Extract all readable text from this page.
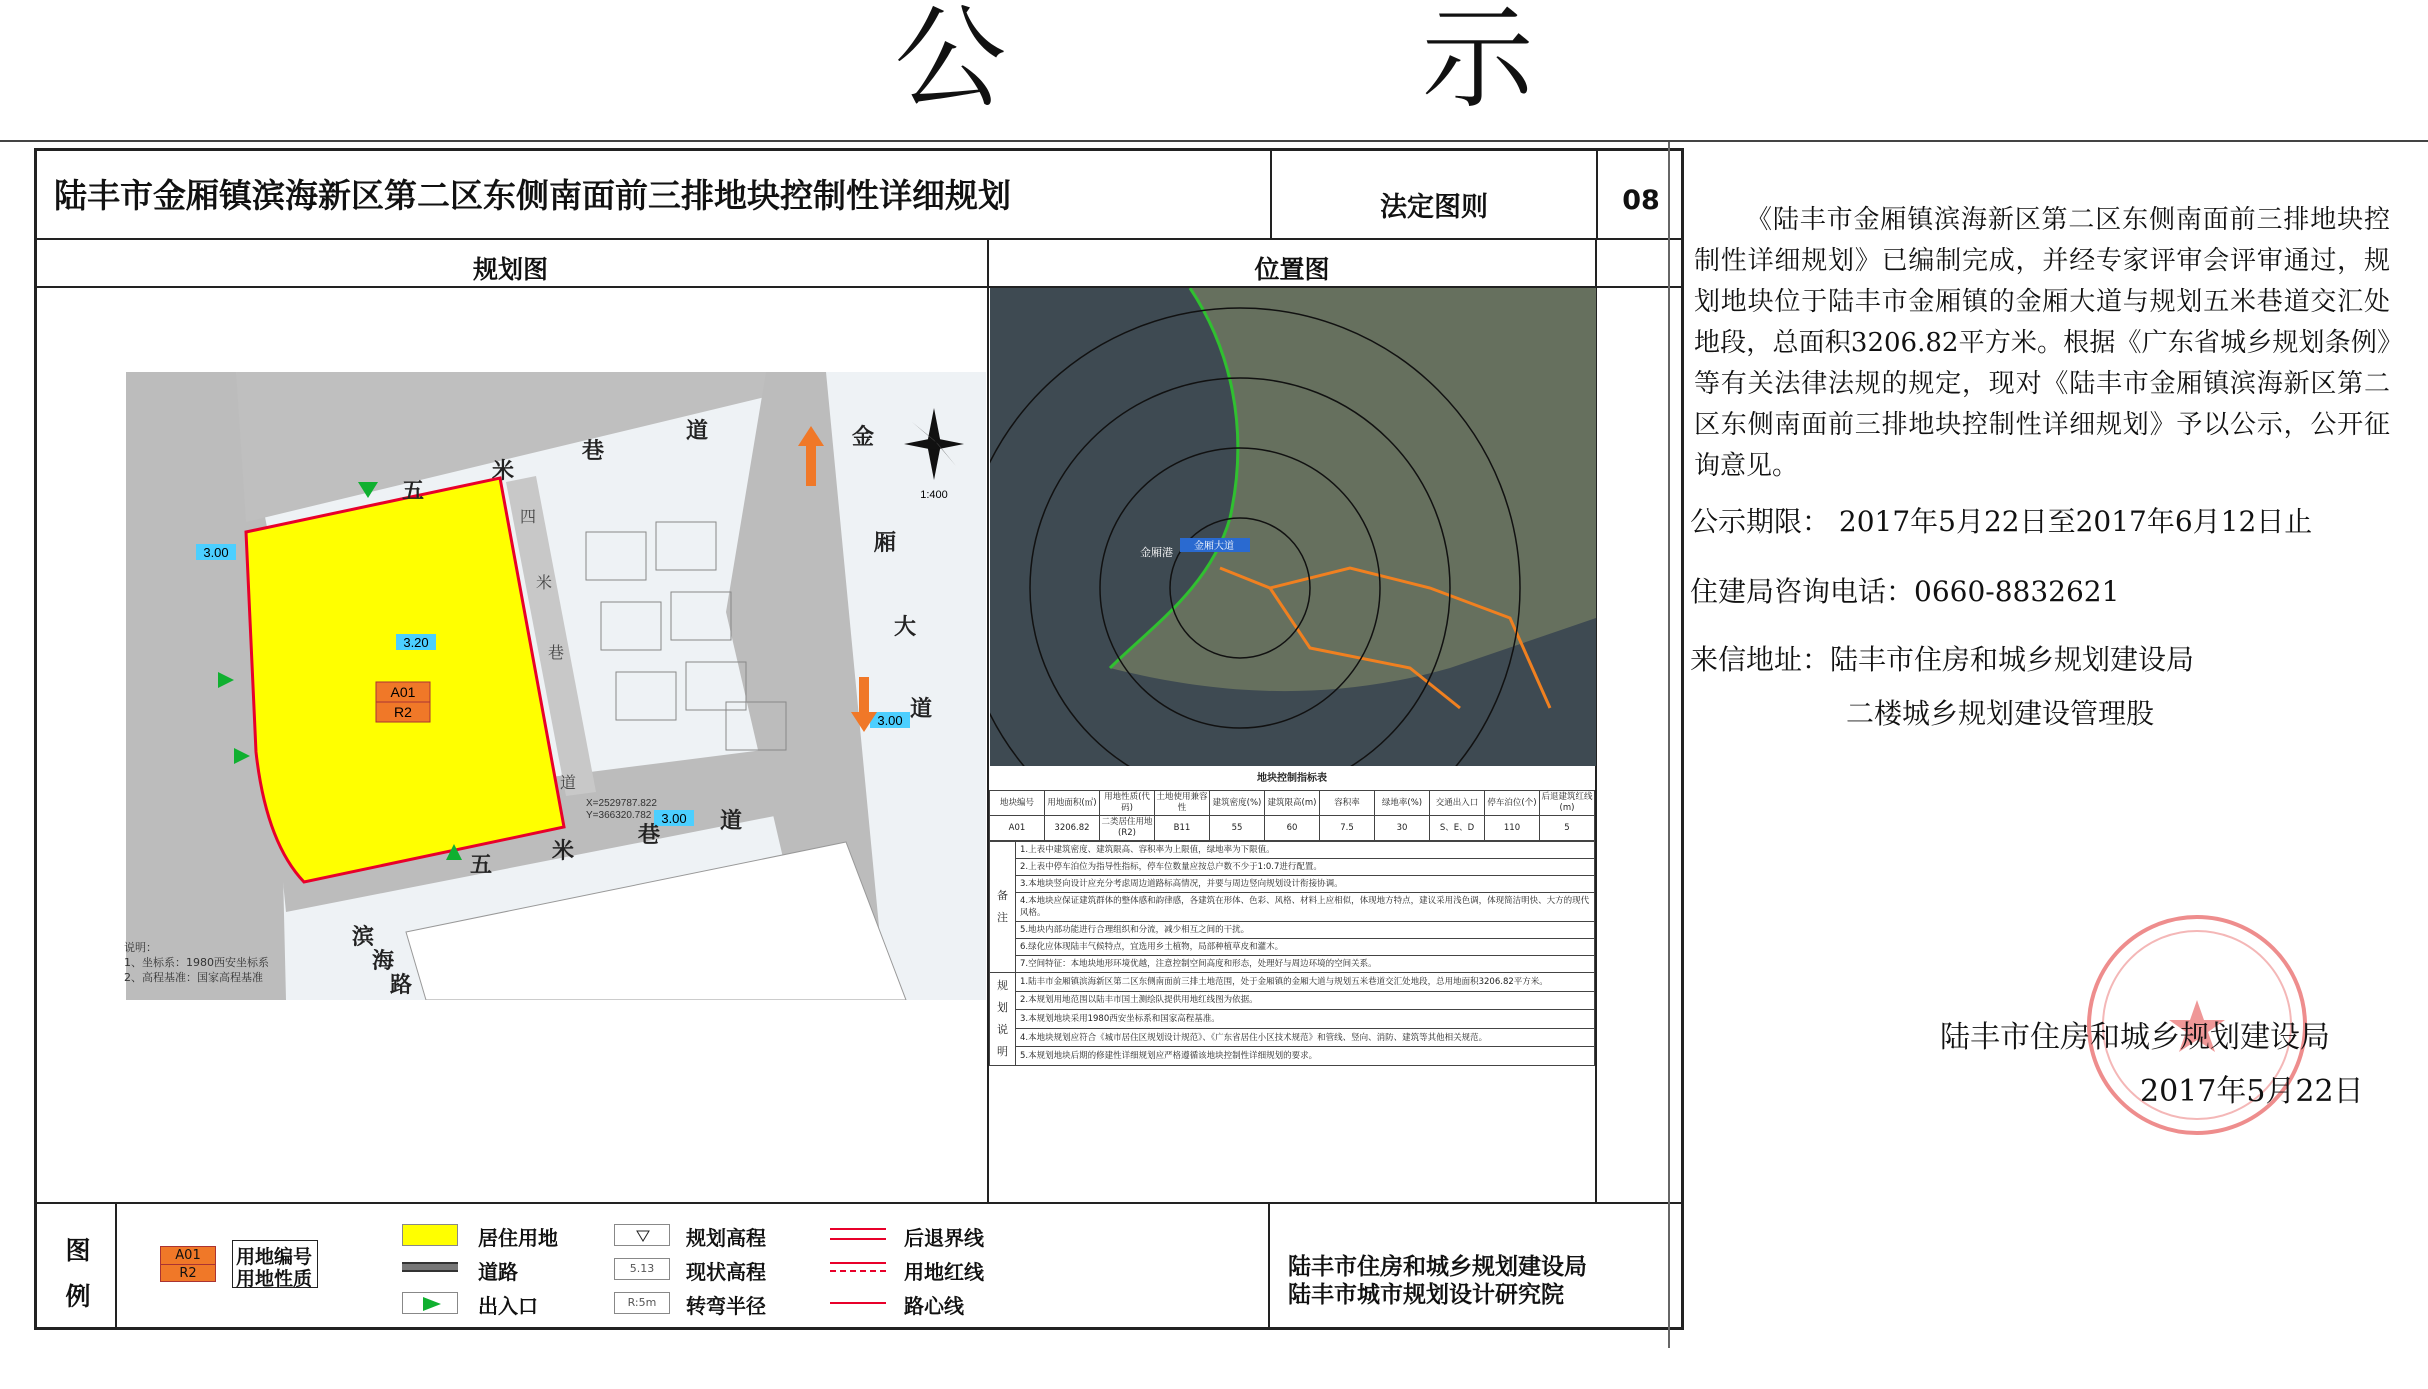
公 示
陆丰市金厢镇滨海新区第二区东侧南面前三排地块控制性详细规划	法定图则	08
规划图	位置图
A01
R2
3.20
3.00
3.00
3.00
五
米
巷
道	金
厢
大
道
五
米
巷
道
滨
海
路
四
米
巷
道
1:400
X=2529787.822
Y=366320.782
说明：
1、坐标系：1980西安坐标系
2、高程基准：国家高程基准
金厢大道
金厢港
地块控制指标表
地块编号	用地面积(㎡)	用地性质(代码)	土地使用兼容性	建筑密度(%)	建筑限高(m)	容积率	绿地率(%)	交通出入口	停车泊位(个)	后退建筑红线(m)
A01	3206.82	二类居住用地(R2)	B11	55	60	7.5	30	S、E、D	110	5
备注	1.上表中建筑密度、建筑限高、容积率为上限值，绿地率为下限值。
	2.上表中停车泊位为指导性指标，停车位数量应按总户数不少于1:0.7进行配置。
	3.本地块竖向设计应充分考虑周边道路标高情况，并要与周边竖向规划设计衔接协调。
	4.本地块应保证建筑群体的整体感和韵律感，各建筑在形体、色彩、风格、材料上应相似，体现地方特点，建议采用浅色调，体现简洁明快、大方的现代风格。
	5.地块内部功能进行合理组织和分流，减少相互之间的干扰。
	6.绿化应体现陆丰气候特点，宜选用乡土植物，局部种植草皮和灌木。
	7.空间特征：本地块地形环境优越，注意控制空间高度和形态，处理好与周边环境的空间关系。
规划说明	1.陆丰市金厢镇滨海新区第二区东侧南面前三排土地范围，处于金厢镇的金厢大道与规划五米巷道交汇处地段，总用地面积3206.82平方米。
	2.本规划用地范围以陆丰市国土测绘队提供用地红线图为依据。
	3.本规划地块采用1980西安坐标系和国家高程基准。
	4.本地块规划应符合《城市居住区规划设计规范》、《广东省居住小区技术规范》和管线、竖向、消防、建筑等其他相关规范。
	5.本规划地块后期的修建性详细规划应严格遵循该地块控制性详细规划的要求。
图例
A01
R2
用地编号
用地性质
居住用地
道路
出入口
规划高程
5.13	现状高程
R:5m	转弯半径
后退界线
用地红线
路心线
陆丰市住房和城乡规划建设局
陆丰市城市规划设计研究院
《陆丰市金厢镇滨海新区第二区东侧南面前三排地块控制性详细规划》已编制完成，并经专家评审会评审通过，规划地块位于陆丰市金厢镇的金厢大道与规划五米巷道交汇处地段，总面积3206.82平方米。根据《广东省城乡规划条例》等有关法律法规的规定，现对《陆丰市金厢镇滨海新区第二区东侧南面前三排地块控制性详细规划》予以公示，公开征询意见。
公示期限： 2017年5月22日至2017年6月12日止
住建局咨询电话：0660-8832621
来信地址：陆丰市住房和城乡规划建设局
二楼城乡规划建设管理股
陆丰市住房和城乡规划建设局
2017年5月22日
